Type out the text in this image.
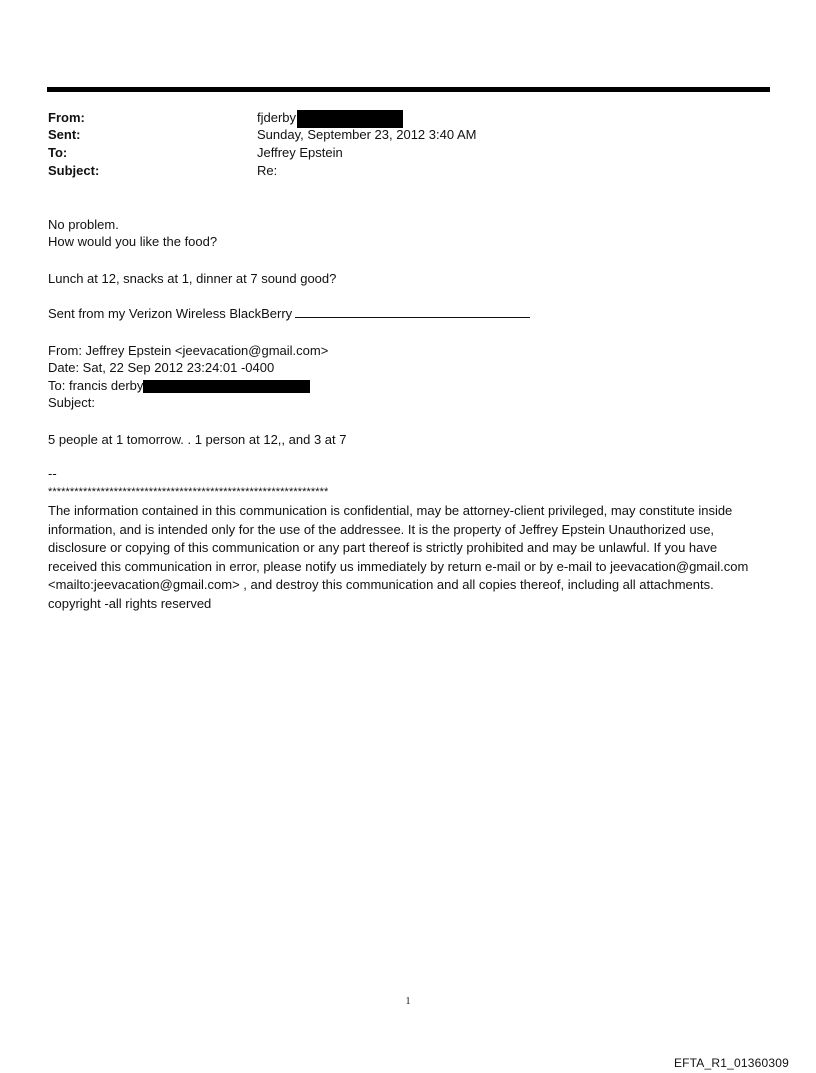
From:	fjderby
Sent:	Sunday, September 23, 2012 3:40 AM
To:	Jeffrey Epstein
Subject:	Re:
No problem.
How would you like the food?
Lunch at 12, snacks at 1, dinner at 7 sound good?
Sent from my Verizon Wireless BlackBerry
From: Jeffrey Epstein <jeevacation@gmail.com>
Date: Sat, 22 Sep 2012 23:24:01 -0400
To: francis derby
Subject:
5 people at 1 tomorrow. . 1 person at 12,, and 3 at 7
--
****************************************************************
The information contained in this communication is confidential, may be attorney-client privileged, may constitute inside information, and is intended only for the use of the addressee. It is the property of Jeffrey Epstein Unauthorized use, disclosure or copying of this communication or any part thereof is strictly prohibited and may be unlawful. If you have received this communication in error, please notify us immediately by return e-mail or by e-mail to jeevacation@gmail.com <mailto:jeevacation@gmail.com> , and destroy this communication and all copies thereof, including all attachments. copyright -all rights reserved
1
EFTA_R1_01360309
